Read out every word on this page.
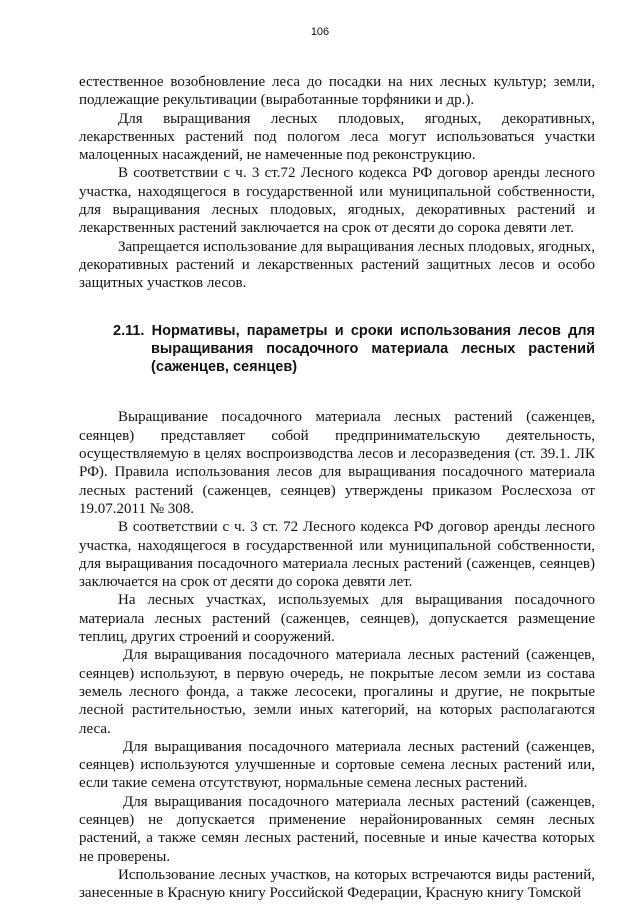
106

естественное возобновление леса до посадки на них лесных культур; земли, подлежащие рекультивации (выработанные торфяники и др.).

Для выращивания лесных плодовых, ягодных, декоративных, лекарственных растений под пологом леса могут использоваться участки малоценных насаждений, не намеченные под реконструкцию.

В соответствии с ч. 3 ст.72 Лесного кодекса РФ договор аренды лесного участка, находящегося в государственной или муниципальной собственности, для выращивания лесных плодовых, ягодных, декоративных растений и лекарственных растений заключается на срок от десяти до сорока девяти лет.

Запрещается использование для выращивания лесных плодовых, ягодных, декоративных растений и лекарственных растений защитных лесов и особо защитных участков лесов.

2.11. Нормативы, параметры и сроки использования лесов для выращивания посадочного материала лесных растений (саженцев, сеянцев)

Выращивание посадочного материала лесных растений (саженцев, сеянцев) представляет собой предпринимательскую деятельность, осуществляемую в целях воспроизводства лесов и лесоразведения (ст. 39.1. ЛК РФ). Правила использования лесов для выращивания посадочного материала лесных растений (саженцев, сеянцев) утверждены приказом Рослесхоза от 19.07.2011 № 308.

В соответствии с ч. 3 ст. 72 Лесного кодекса РФ договор аренды лесного участка, находящегося в государственной или муниципальной собственности, для выращивания посадочного материала лесных растений (саженцев, сеянцев) заключается на срок от десяти до сорока девяти лет.

На лесных участках, используемых для выращивания посадочного материала лесных растений (саженцев, сеянцев), допускается размещение теплиц, других строений и сооружений.

Для выращивания посадочного материала лесных растений (саженцев, сеянцев) используют, в первую очередь, не покрытые лесом земли из состава земель лесного фонда, а также лесосеки, прогалины и другие, не покрытые лесной растительностью, земли иных категорий, на которых располагаются леса.

Для выращивания посадочного материала лесных растений (саженцев, сеянцев) используются улучшенные и сортовые семена лесных растений или, если такие семена отсутствуют, нормальные семена лесных растений.

Для выращивания посадочного материала лесных растений (саженцев, сеянцев) не допускается применение нерайонированных семян лесных растений, а также семян лесных растений, посевные и иные качества которых не проверены.

Использование лесных участков, на которых встречаются виды растений, занесенные в Красную книгу Российской Федерации, Красную книгу Томской
